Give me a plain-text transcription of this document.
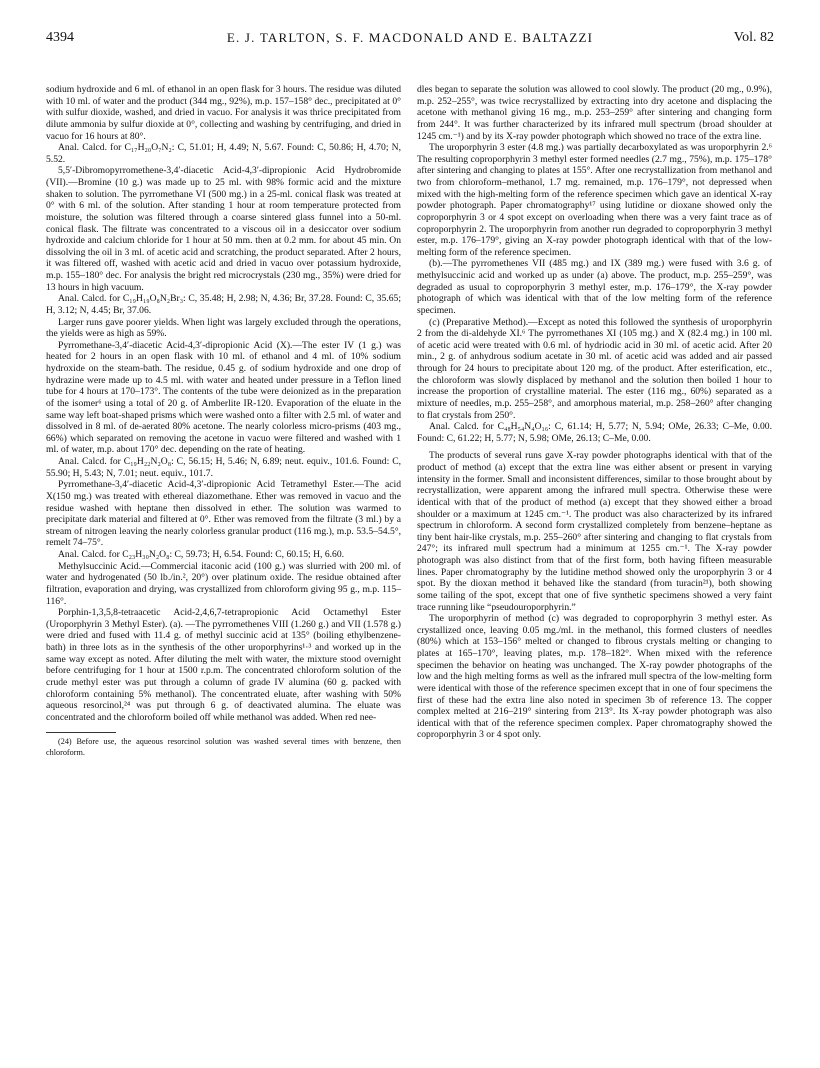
4394	E. J. TARLTON, S. F. MACDONALD AND E. BALTAZZI	Vol. 82

sodium hydroxide and 6 ml. of ethanol in an open flask for 3 hours. The residue was diluted with 10 ml. of water and the product (344 mg., 92%), m.p. 157–158° dec., precipitated at 0° with sulfur dioxide, washed, and dried in vacuo. For analysis it was thrice precipitated from dilute ammonia by sulfur dioxide at 0°, collecting and washing by centrifuging, and dried in vacuo for 16 hours at 80°.

Anal. Calcd. for C₁₇H₂₀O₇N₂: C, 51.01; H, 4.49; N, 5.67. Found: C, 50.86; H, 4.70; N, 5.52.

5,5′-Dibromopyrromethene-3,4′-diacetic Acid-4,3′-dipropionic Acid Hydrobromide (VII).—Bromine (10 g.) was made up to 25 ml. with 98% formic acid and the mixture shaken to solution. The pyrromethane VI (500 mg.) in a 25-ml. conical flask was treated at 0° with 6 ml. of the solution. After standing 1 hour at room temperature protected from moisture, the solution was filtered through a coarse sintered glass funnel into a 50-ml. conical flask. The filtrate was concentrated to a viscous oil in a desiccator over sodium hydroxide and calcium chloride for 1 hour at 50 mm. then at 0.2 mm. for about 45 min. On dissolving the oil in 3 ml. of acetic acid and scratching, the product separated. After 2 hours, it was filtered off, washed with acetic acid and dried in vacuo over potassium hydroxide, m.p. 155–180° dec. For analysis the bright red microcrystals (230 mg., 35%) were dried for 13 hours in high vacuum.

Anal. Calcd. for C₁₉H₁₉O₈N₂Br₃: C, 35.48; H, 2.98; N, 4.36; Br, 37.28. Found: C, 35.65; H, 3.12; N, 4.45; Br, 37.06.

Larger runs gave poorer yields. When light was largely excluded through the operations, the yields were as high as 59%.

Pyrromethane-3,4′-diacetic Acid-4,3′-dipropionic Acid (X).—The ester IV (1 g.) was heated for 2 hours in an open flask with 10 ml. of ethanol and 4 ml. of 10% sodium hydroxide on the steam-bath. The residue, 0.45 g. of sodium hydroxide and one drop of hydrazine were made up to 4.5 ml. with water and heated under pressure in a Teflon lined tube for 4 hours at 170–173°. The contents of the tube were deionized as in the preparation of the isomer⁶ using a total of 20 g. of Amberlite IR-120. Evaporation of the eluate in the same way left boat-shaped prisms which were washed onto a filter with 2.5 ml. of water and dissolved in 8 ml. of de-aerated 80% acetone. The nearly colorless micro-prisms (403 mg., 66%) which separated on removing the acetone in vacuo were filtered and washed with 1 ml. of water, m.p. about 170° dec. depending on the rate of heating.

Anal. Calcd. for C₁₉H₂₂N₂O₈: C, 56.15; H, 5.46; N, 6.89; neut. equiv., 101.6. Found: C, 55.90; H, 5.43; N, 7.01; neut. equiv., 101.7.

Pyrromethane-3,4′-diacetic Acid-4,3′-dipropionic Acid Tetramethyl Ester.—The acid X(150 mg.) was treated with ethereal diazomethane. Ether was removed in vacuo and the residue washed with heptane then dissolved in ether. The solution was warmed to precipitate dark material and filtered at 0°. Ether was removed from the filtrate (3 ml.) by a stream of nitrogen leaving the nearly colorless granular product (116 mg.), m.p. 53.5–54.5°, remelt 74–75°.

Anal. Calcd. for C₂₃H₃₀N₂O₈: C, 59.73; H, 6.54. Found: C, 60.15; H, 6.60.

Methylsuccinic Acid.—Commercial itaconic acid (100 g.) was slurried with 200 ml. of water and hydrogenated (50 lb./in.², 20°) over platinum oxide. The residue obtained after filtration, evaporation and drying, was crystallized from chloroform giving 95 g., m.p. 115–116°.

Porphin-1,3,5,8-tetraacetic Acid-2,4,6,7-tetrapropionic Acid Octamethyl Ester (Uroporphyrin 3 Methyl Ester). (a). —The pyrromethenes VIII (1.260 g.) and VII (1.578 g.) were dried and fused with 11.4 g. of methyl succinic acid at 135° (boiling ethylbenzene-bath) in three lots as in the synthesis of the other uroporphyrins¹·³ and worked up in the same way except as noted. After diluting the melt with water, the mixture stood overnight before centrifuging for 1 hour at 1500 r.p.m. The concentrated chloroform solution of the crude methyl ester was put through a column of grade IV alumina (60 g. packed with chloroform containing 5% methanol). The concentrated eluate, after washing with 50% aqueous resorcinol,²⁴ was put through 6 g. of deactivated alumina. The eluate was concentrated and the chloroform boiled off while methanol was added. When red nee-

(24) Before use, the aqueous resorcinol solution was washed several times with benzene, then chloroform.

dles began to separate the solution was allowed to cool slowly. The product (20 mg., 0.9%), m.p. 252–255°, was twice recrystallized by extracting into dry acetone and displacing the acetone with methanol giving 16 mg., m.p. 253–259° after sintering and changing form from 244°. It was further characterized by its infrared mull spectrum (broad shoulder at 1245 cm.⁻¹) and by its X-ray powder photograph which showed no trace of the extra line.

The uroporphyrin 3 ester (4.8 mg.) was partially decarboxylated as was uroporphyrin 2.⁶ The resulting coproporphyrin 3 methyl ester formed needles (2.7 mg., 75%), m.p. 175–178° after sintering and changing to plates at 155°. After one recrystallization from methanol and two from chloroform–methanol, 1.7 mg. remained, m.p. 176–179°, not depressed when mixed with the high-melting form of the reference specimen which gave an identical X-ray powder photograph. Paper chromatography¹⁷ using lutidine or dioxane showed only the coproporphyrin 3 or 4 spot except on overloading when there was a very faint trace as of coproporphyrin 2. The uroporphyrin from another run degraded to coproporphyrin 3 methyl ester, m.p. 176–179°, giving an X-ray powder photograph identical with that of the low-melting form of the reference specimen.

(b).—The pyrromethenes VII (485 mg.) and IX (389 mg.) were fused with 3.6 g. of methylsuccinic acid and worked up as under (a) above. The product, m.p. 255–259°, was degraded as usual to coproporphyrin 3 methyl ester, m.p. 176–179°, the X-ray powder photograph of which was identical with that of the low melting form of the reference specimen.

(c) (Preparative Method).—Except as noted this followed the synthesis of uroporphyrin 2 from the di-aldehyde XI.⁶ The pyrromethanes XI (105 mg.) and X (82.4 mg.) in 100 ml. of acetic acid were treated with 0.6 ml. of hydriodic acid in 30 ml. of acetic acid. After 20 min., 2 g. of anhydrous sodium acetate in 30 ml. of acetic acid was added and air passed through for 24 hours to precipitate about 120 mg. of the product. After esterification, etc., the chloroform was slowly displaced by methanol and the solution then boiled 1 hour to increase the proportion of crystalline material. The ester (116 mg., 60%) separated as a mixture of needles, m.p. 255–258°, and amorphous material, m.p. 258–260° after changing to flat crystals from 250°.

Anal. Calcd. for C₄₈H₅₄N₄O₁₆: C, 61.14; H, 5.77; N, 5.94; OMe, 26.33; C–Me, 0.00. Found: C, 61.22; H, 5.77; N, 5.98; OMe, 26.13; C–Me, 0.00.

The products of several runs gave X-ray powder photographs identical with that of the product of method (a) except that the extra line was either absent or present in varying intensity in the former. Small and inconsistent differences, similar to those brought about by recrystallization, were apparent among the infrared mull spectra. Otherwise these were identical with that of the product of method (a) except that they showed either a broad shoulder or a maximum at 1245 cm.⁻¹. The product was also characterized by its infrared spectrum in chloroform. A second form crystallized completely from benzene–heptane as tiny bent hair-like crystals, m.p. 255–260° after sintering and changing to flat crystals from 247°; its infrared mull spectrum had a minimum at 1255 cm.⁻¹. The X-ray powder photograph was also distinct from that of the first form, both having fifteen measurable lines. Paper chromatography by the lutidine method showed only the uroporphyrin 3 or 4 spot. By the dioxan method it behaved like the standard (from turacin²¹), both showing some tailing of the spot, except that one of five synthetic specimens showed a very faint trace running like “pseudouroporphyrin.”

The uroporphyrin of method (c) was degraded to coproporphyrin 3 methyl ester. As crystallized once, leaving 0.05 mg./ml. in the methanol, this formed clusters of needles (80%) which at 153–156° melted or changed to fibrous crystals melting or changing to plates at 165–170°, leaving plates, m.p. 178–182°. When mixed with the reference specimen the behavior on heating was unchanged. The X-ray powder photographs of the low and the high melting forms as well as the infrared mull spectra of the low-melting form were identical with those of the reference specimen except that in one of four specimens the first of these had the extra line also noted in specimen 3b of reference 13. The copper complex melted at 216–219° sintering from 213°. Its X-ray powder photograph was also identical with that of the reference specimen complex. Paper chromatography showed the coproporphyrin 3 or 4 spot only.
